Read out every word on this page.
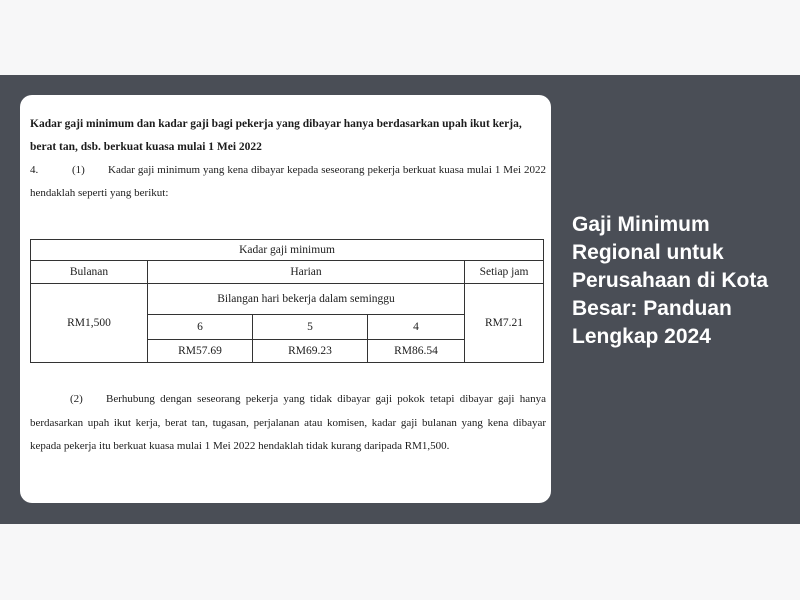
Kadar gaji minimum dan kadar gaji bagi pekerja yang dibayar hanya berdasarkan upah ikut kerja, berat tan, dsb. berkuat kuasa mulai 1 Mei 2022

4.	(1) Kadar gaji minimum yang kena dibayar kepada seseorang pekerja berkuat kuasa mulai 1 Mei 2022 hendaklah seperti yang berikut:

Kadar gaji minimum				
Bulanan	Harian			Setiap jam
RM1,500	Bilangan hari bekerja dalam seminggu			RM7.21
	6	5	4	
	RM57.69	RM69.23	RM86.54	

(2) Berhubung dengan seseorang pekerja yang tidak dibayar gaji pokok tetapi dibayar gaji hanya berdasarkan upah ikut kerja, berat tan, tugasan, perjalanan atau komisen, kadar gaji bulanan yang kena dibayar kepada pekerja itu berkuat kuasa mulai 1 Mei 2022 hendaklah tidak kurang daripada RM1,500.

Gaji Minimum Regional untuk Perusahaan di Kota Besar: Panduan Lengkap 2024
